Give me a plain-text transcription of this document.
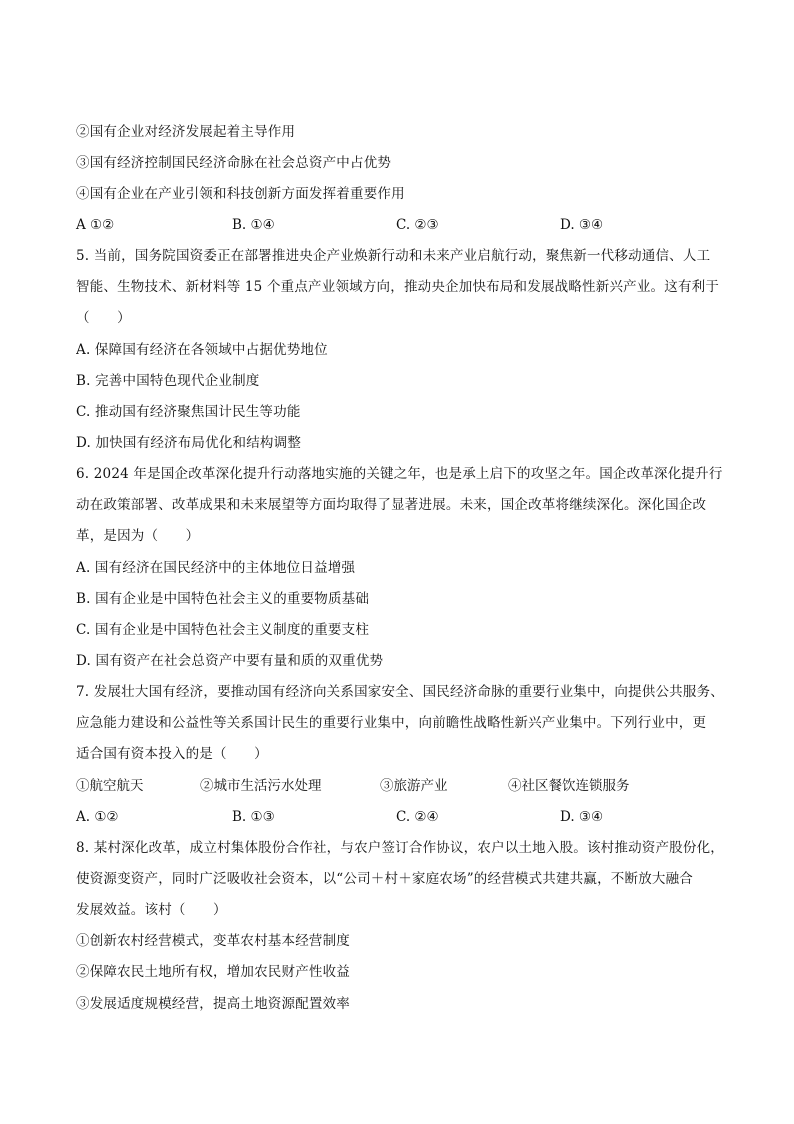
②国有企业对经济发展起着主导作用
③国有经济控制国民经济命脉在社会总资产中占优势
④国有企业在产业引领和科技创新方面发挥着重要作用
A ①②	B. ①④	C. ②③	D. ③④
5. 当前，国务院国资委正在部署推进央企产业焕新行动和未来产业启航行动，聚焦新一代移动通信、人工
智能、生物技术、新材料等 15 个重点产业领域方向，推动央企加快布局和发展战略性新兴产业。这有利于
（　　）
A. 保障国有经济在各领域中占据优势地位
B. 完善中国特色现代企业制度
C. 推动国有经济聚焦国计民生等功能
D. 加快国有经济布局优化和结构调整
6. 2024 年是国企改革深化提升行动落地实施的关键之年，也是承上启下的攻坚之年。国企改革深化提升行
动在政策部署、改革成果和未来展望等方面均取得了显著进展。未来，国企改革将继续深化。深化国企改
革，是因为（　　）
A. 国有经济在国民经济中的主体地位日益增强
B. 国有企业是中国特色社会主义的重要物质基础
C. 国有企业是中国特色社会主义制度的重要支柱
D. 国有资产在社会总资产中要有量和质的双重优势
7. 发展壮大国有经济，要推动国有经济向关系国家安全、国民经济命脉的重要行业集中，向提供公共服务、
应急能力建设和公益性等关系国计民生的重要行业集中，向前瞻性战略性新兴产业集中。下列行业中，更
适合国有资本投入的是（　　）
①航空航天	②城市生活污水处理	③旅游产业	④社区餐饮连锁服务
A. ①②	B. ①③	C. ②④	D. ③④
8. 某村深化改革，成立村集体股份合作社，与农户签订合作协议，农户以土地入股。该村推动资产股份化，
使资源变资产，同时广泛吸收社会资本，以“公司＋村＋家庭农场”的经营模式共建共赢，不断放大融合
发展效益。该村（　　）
①创新农村经营模式，变革农村基本经营制度
②保障农民土地所有权，增加农民财产性收益
③发展适度规模经营，提高土地资源配置效率
